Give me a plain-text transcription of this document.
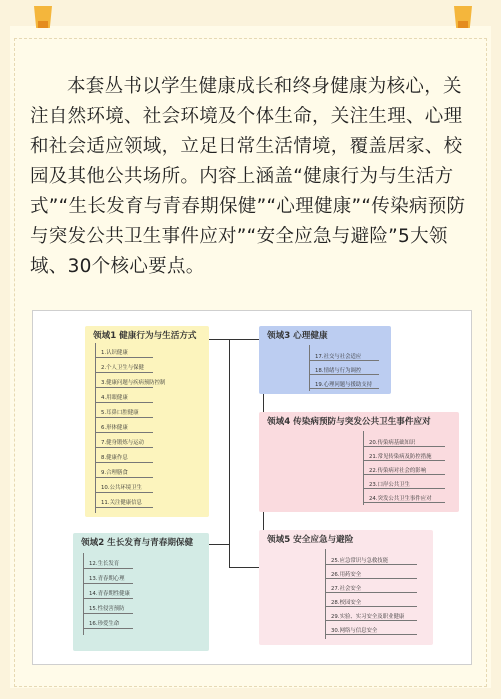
本套丛书以学生健康成长和终身健康为核心，关注自然环境、社会环境及个体生命，关注生理、心理和社会适应领域，立足日常生活情境，覆盖居家、校园及其他公共场所。内容上涵盖“健康行为与生活方式”“生长发育与青春期保健”“心理健康”“传染病预防与突发公共卫生事件应对”“安全应急与避险”5大领域、30个核心要点。

领域1 健康行为与生活方式
1.认识健康
2.个人卫生与保健
3.健康问题与疾病预防控制
4.用眼健康
5.耳鼻口腔健康
6.形体健康
7.健身锻炼与运动
8.健康作息
9.合理膳食
10.公共环境卫生
11.关注健康信息
领域2 生长发育与青春期保健
12.生长发育
13.青春期心理
14.青春期性健康
15.性侵害预防
16.珍爱生命
领域3 心理健康
17.社交与社会适应
18.情绪与行为调控
19.心理问题与援助支持
领域4 传染病预防与突发公共卫生事件应对
20.传染病基础知识
21.常见传染病及防控措施
22.传染病对社会的影响
23.口岸公共卫生
24.突发公共卫生事件应对
领域5 安全应急与避险
25.应急常识与急救技能
26.用药安全
27.社会安全
28.校园安全
29.实验、实习安全及职业健康
30.网络与信息安全
